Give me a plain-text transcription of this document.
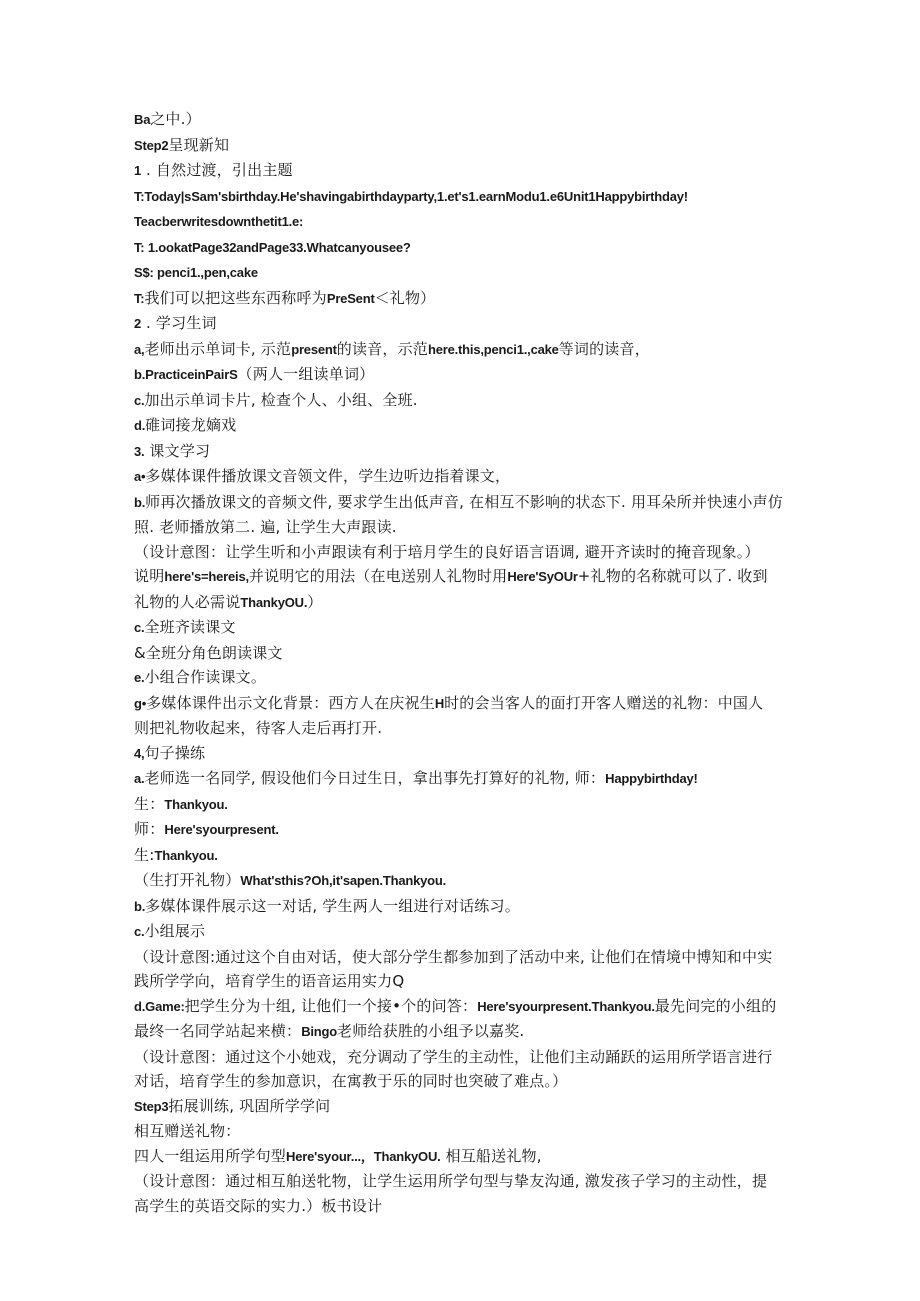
Ba之中.）
Step2呈现新知
1 . 自然过渡，引出主题
T:Today|sSam'sbirthday.He'shavingabirthdayparty,1.et's1.earnModu1.e6Unit1Happybirthday!
Teacberwritesdownthetit1.e:
T: 1.ookatPage32andPage33.Whatcanyousee?
S$: penci1.,pen,cake
T:我们可以把这些东西称呼为PreSent＜礼物）
2 . 学习生词
a,老师出示单词卡, 示范present的读音，示范here.this,penci1.,cake等词的读音，
b.PracticeinPairS（两人一组读单词）
c.加出示单词卡片, 检查个人、小组、全班.
d.碓词接龙嫡戏
3. 课文学习
a•多媒体课件播放课文音领文件，学生边听边指着课文，
b.师再次播放课文的音频文件, 要求学生出低声音, 在相互不影响的状态下. 用耳朵所并快速小声仿
照. 老师播放第二. 遍, 让学生大声跟读.
（设计意图：让学生听和小声跟读有利于培月学生的良好语言语调, 避开齐读时的掩音现象。）
说明here's=hereis,并说明它的用法（在电送别人礼物时用Here'SyOUr+礼物的名称就可以了. 收到
礼物的人必需说ThankyOU.）
c.全班齐读课文
&全班分角色朗读课文
e.小组合作读课文。
g•多媒体课件出示文化背景：西方人在庆祝生H时的会当客人的面打开客人赠送的礼物：中国人
则把礼物收起来，待客人走后再打开.
4,句子操练
a.老师选一名同学, 假设他们今日过生日，拿出事先打算好的礼物, 师：Happybirthday!
生：Thankyou.
师：Here'syourpresent.
生:Thankyou.
（生打开礼物）What'sthis?Oh,it'sapen.Thankyou.
b.多媒体课件展示这一对话, 学生两人一组进行对话练习。
c.小组展示
（设计意图:通过这个自由对话，使大部分学生都参加到了活动中来, 让他们在情境中博知和中实
践所学学向，培育学生的语音运用实力Q
d.Game:把学生分为十组, 让他们一个接•个的问答：Here'syourpresent.Thankyou.最先问完的小组的
最终一名同学站起来横：Bingo老师给获胜的小组予以嘉奖.
（设计意图：通过这个小她戏，充分调动了学生的主动性，让他们主动踊跃的运用所学语言进行
对话，培育学生的参加意识，在寓教于乐的同时也突破了难点。）
Step3拓展训练, 巩固所学学问
相互赠送礼物：
四人一组运用所学句型Here'syour...，ThankyOU. 相互船送礼物,
（设计意图：通过相互舶送牝物，让学生运用所学句型与挚友沟通, 激发孩子学习的主动性，提
高学生的英语交际的实力.）板书设计
